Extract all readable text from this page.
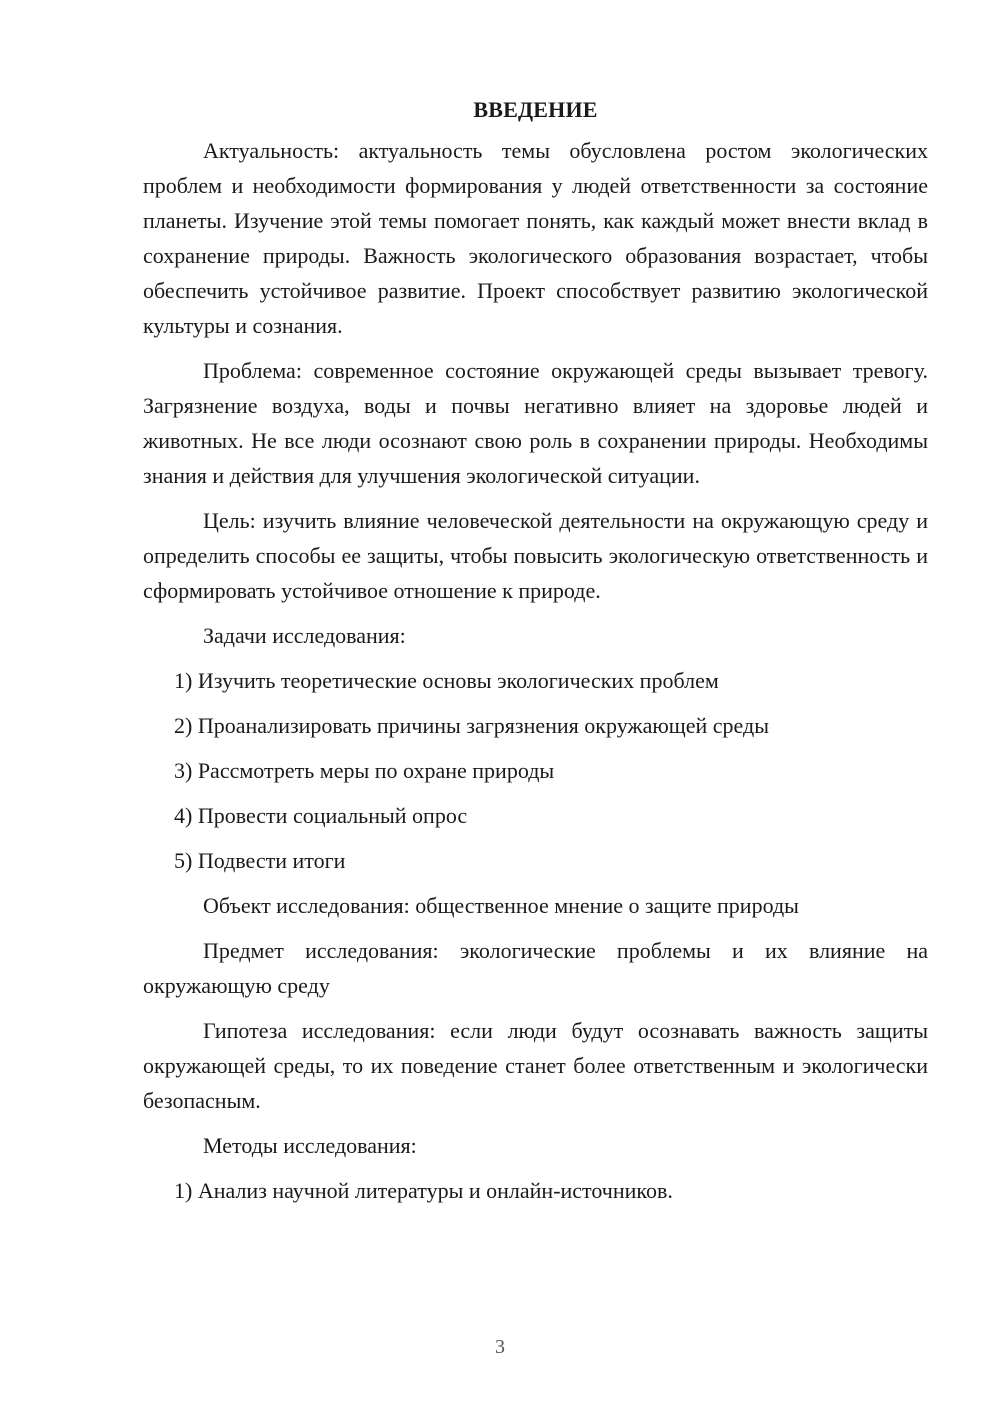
ВВЕДЕНИЕ

Актуальность: актуальность темы обусловлена ростом экологических проблем и необходимости формирования у людей ответственности за состояние планеты. Изучение этой темы помогает понять, как каждый может внести вклад в сохранение природы. Важность экологического образования возрастает, чтобы обеспечить устойчивое развитие. Проект способствует развитию экологической культуры и сознания.

Проблема: современное состояние окружающей среды вызывает тревогу. Загрязнение воздуха, воды и почвы негативно влияет на здоровье людей и животных. Не все люди осознают свою роль в сохранении природы. Необходимы знания и действия для улучшения экологической ситуации.

Цель: изучить влияние человеческой деятельности на окружающую среду и определить способы ее защиты, чтобы повысить экологическую ответственность и сформировать устойчивое отношение к природе.

Задачи исследования:

1) Изучить теоретические основы экологических проблем

2) Проанализировать причины загрязнения окружающей среды

3) Рассмотреть меры по охране природы

4) Провести социальный опрос

5) Подвести итоги

Объект исследования: общественное мнение о защите природы

Предмет исследования: экологические проблемы и их влияние на окружающую среду

Гипотеза исследования: если люди будут осознавать важность защиты окружающей среды, то их поведение станет более ответственным и экологически безопасным.

Методы исследования:

1) Анализ научной литературы и онлайн-источников.

3
